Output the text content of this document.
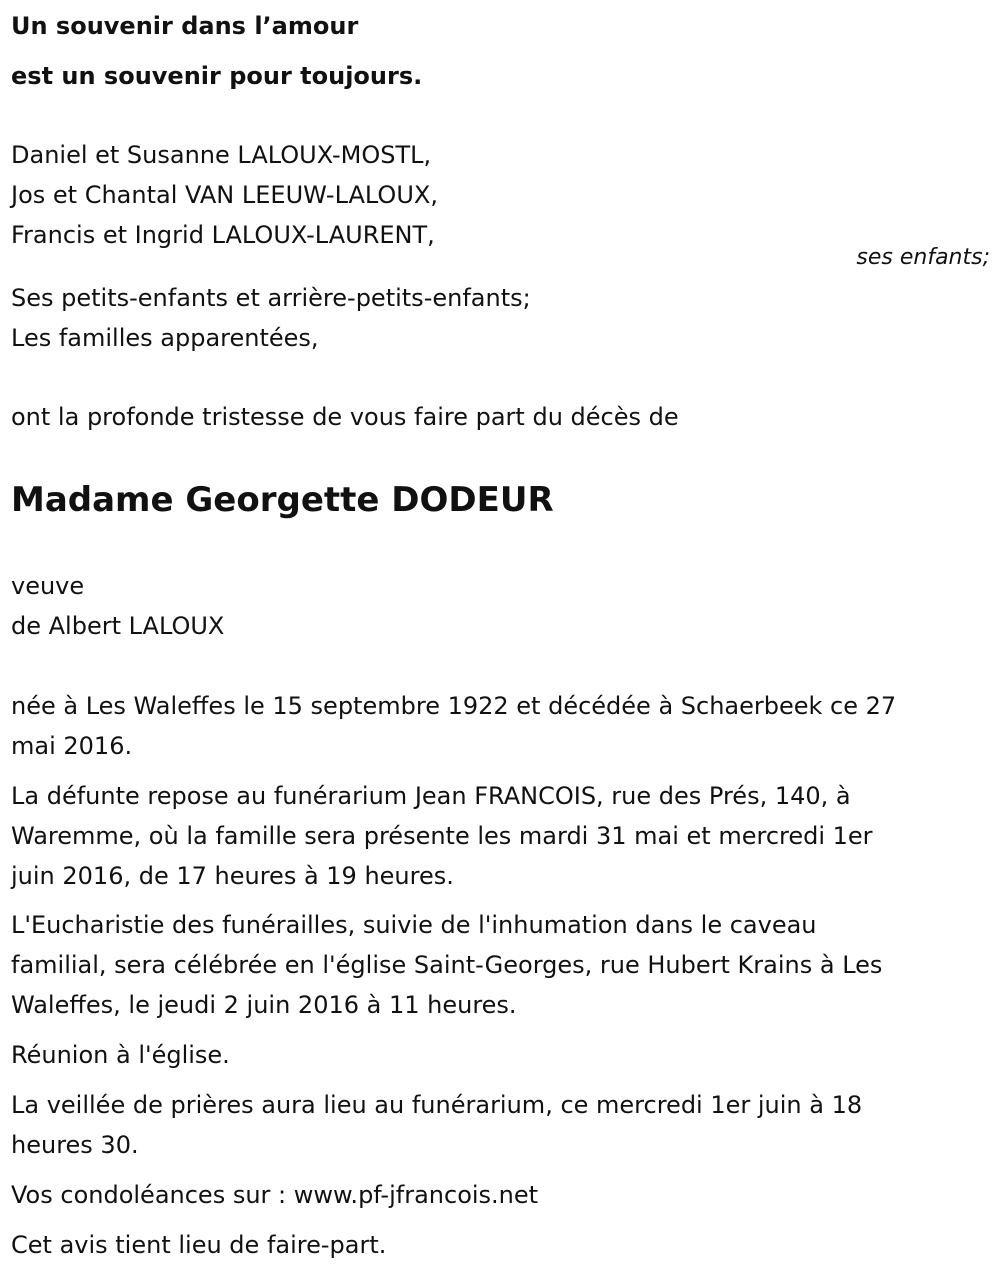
Un souvenir dans l’amour

est un souvenir pour toujours.

Daniel et Susanne LALOUX-MOSTL,

Jos et Chantal VAN LEEUW-LALOUX,

Francis et Ingrid LALOUX-LAURENT,

ses enfants;

Ses petits-enfants et arrière-petits-enfants;

Les familles apparentées,

ont la profonde tristesse de vous faire part du décès de

Madame Georgette DODEUR

veuve

de Albert LALOUX

née à Les Waleffes le 15 septembre 1922 et décédée à Schaerbeek ce 27

mai 2016.

La défunte repose au funérarium Jean FRANCOIS, rue des Prés, 140, à

Waremme, où la famille sera présente les mardi 31 mai et mercredi 1er

juin 2016, de 17 heures à 19 heures.

L'Eucharistie des funérailles, suivie de l'inhumation dans le caveau

familial, sera célébrée en l'église Saint-Georges, rue Hubert Krains à Les

Waleffes, le jeudi 2 juin 2016 à 11 heures.

Réunion à l'église.

La veillée de prières aura lieu au funérarium, ce mercredi 1er juin à 18

heures 30.

Vos condoléances sur : www.pf-jfrancois.net

Cet avis tient lieu de faire-part.
